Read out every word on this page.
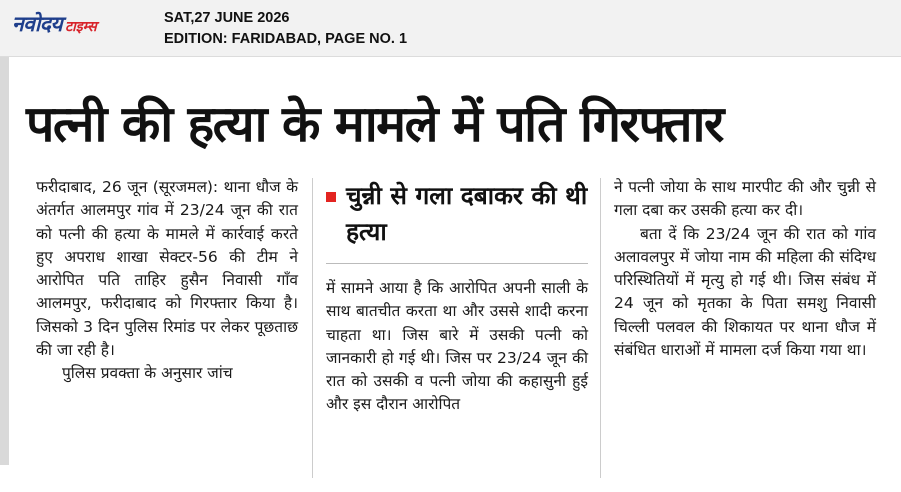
नवोदय टाइम्स
SAT,27 JUNE 2026
EDITION: FARIDABAD, PAGE NO. 1
पत्नी की हत्या के मामले में पति गिरफ्तार

फरीदाबाद, 26 जून (सूरजमल): थाना धौज के अंतर्गत आलमपुर गांव में 23/24 जून की रात को पत्नी की हत्या के मामले में कार्रवाई करते हुए अपराध शाखा सेक्टर-56 की टीम ने आरोपित पति ताहिर हुसैन निवासी गाँव आलमपुर, फरीदाबाद को गिरफ्तार किया है। जिसको 3 दिन पुलिस रिमांड पर लेकर पूछताछ की जा रही है।

पुलिस प्रवक्ता के अनुसार जांच

चुन्नी से गला दबाकर की थी हत्या

में सामने आया है कि आरोपित अपनी साली के साथ बातचीत करता था और उससे शादी करना चाहता था। जिस बारे में उसकी पत्नी को जानकारी हो गई थी। जिस पर 23/24 जून की रात को उसकी व पत्नी जोया की कहासुनी हुई और इस दौरान आरोपित

ने पत्नी जोया के साथ मारपीट की और चुन्नी से गला दबा कर उसकी हत्या कर दी।

बता दें कि 23/24 जून की रात को गांव अलावलपुर में जोया नाम की महिला की संदिग्ध परिस्थितियों में मृत्यु हो गई थी। जिस संबंध में 24 जून को मृतका के पिता समशु निवासी चिल्ली पलवल की शिकायत पर थाना धौज में संबंधित धाराओं में मामला दर्ज किया गया था।
